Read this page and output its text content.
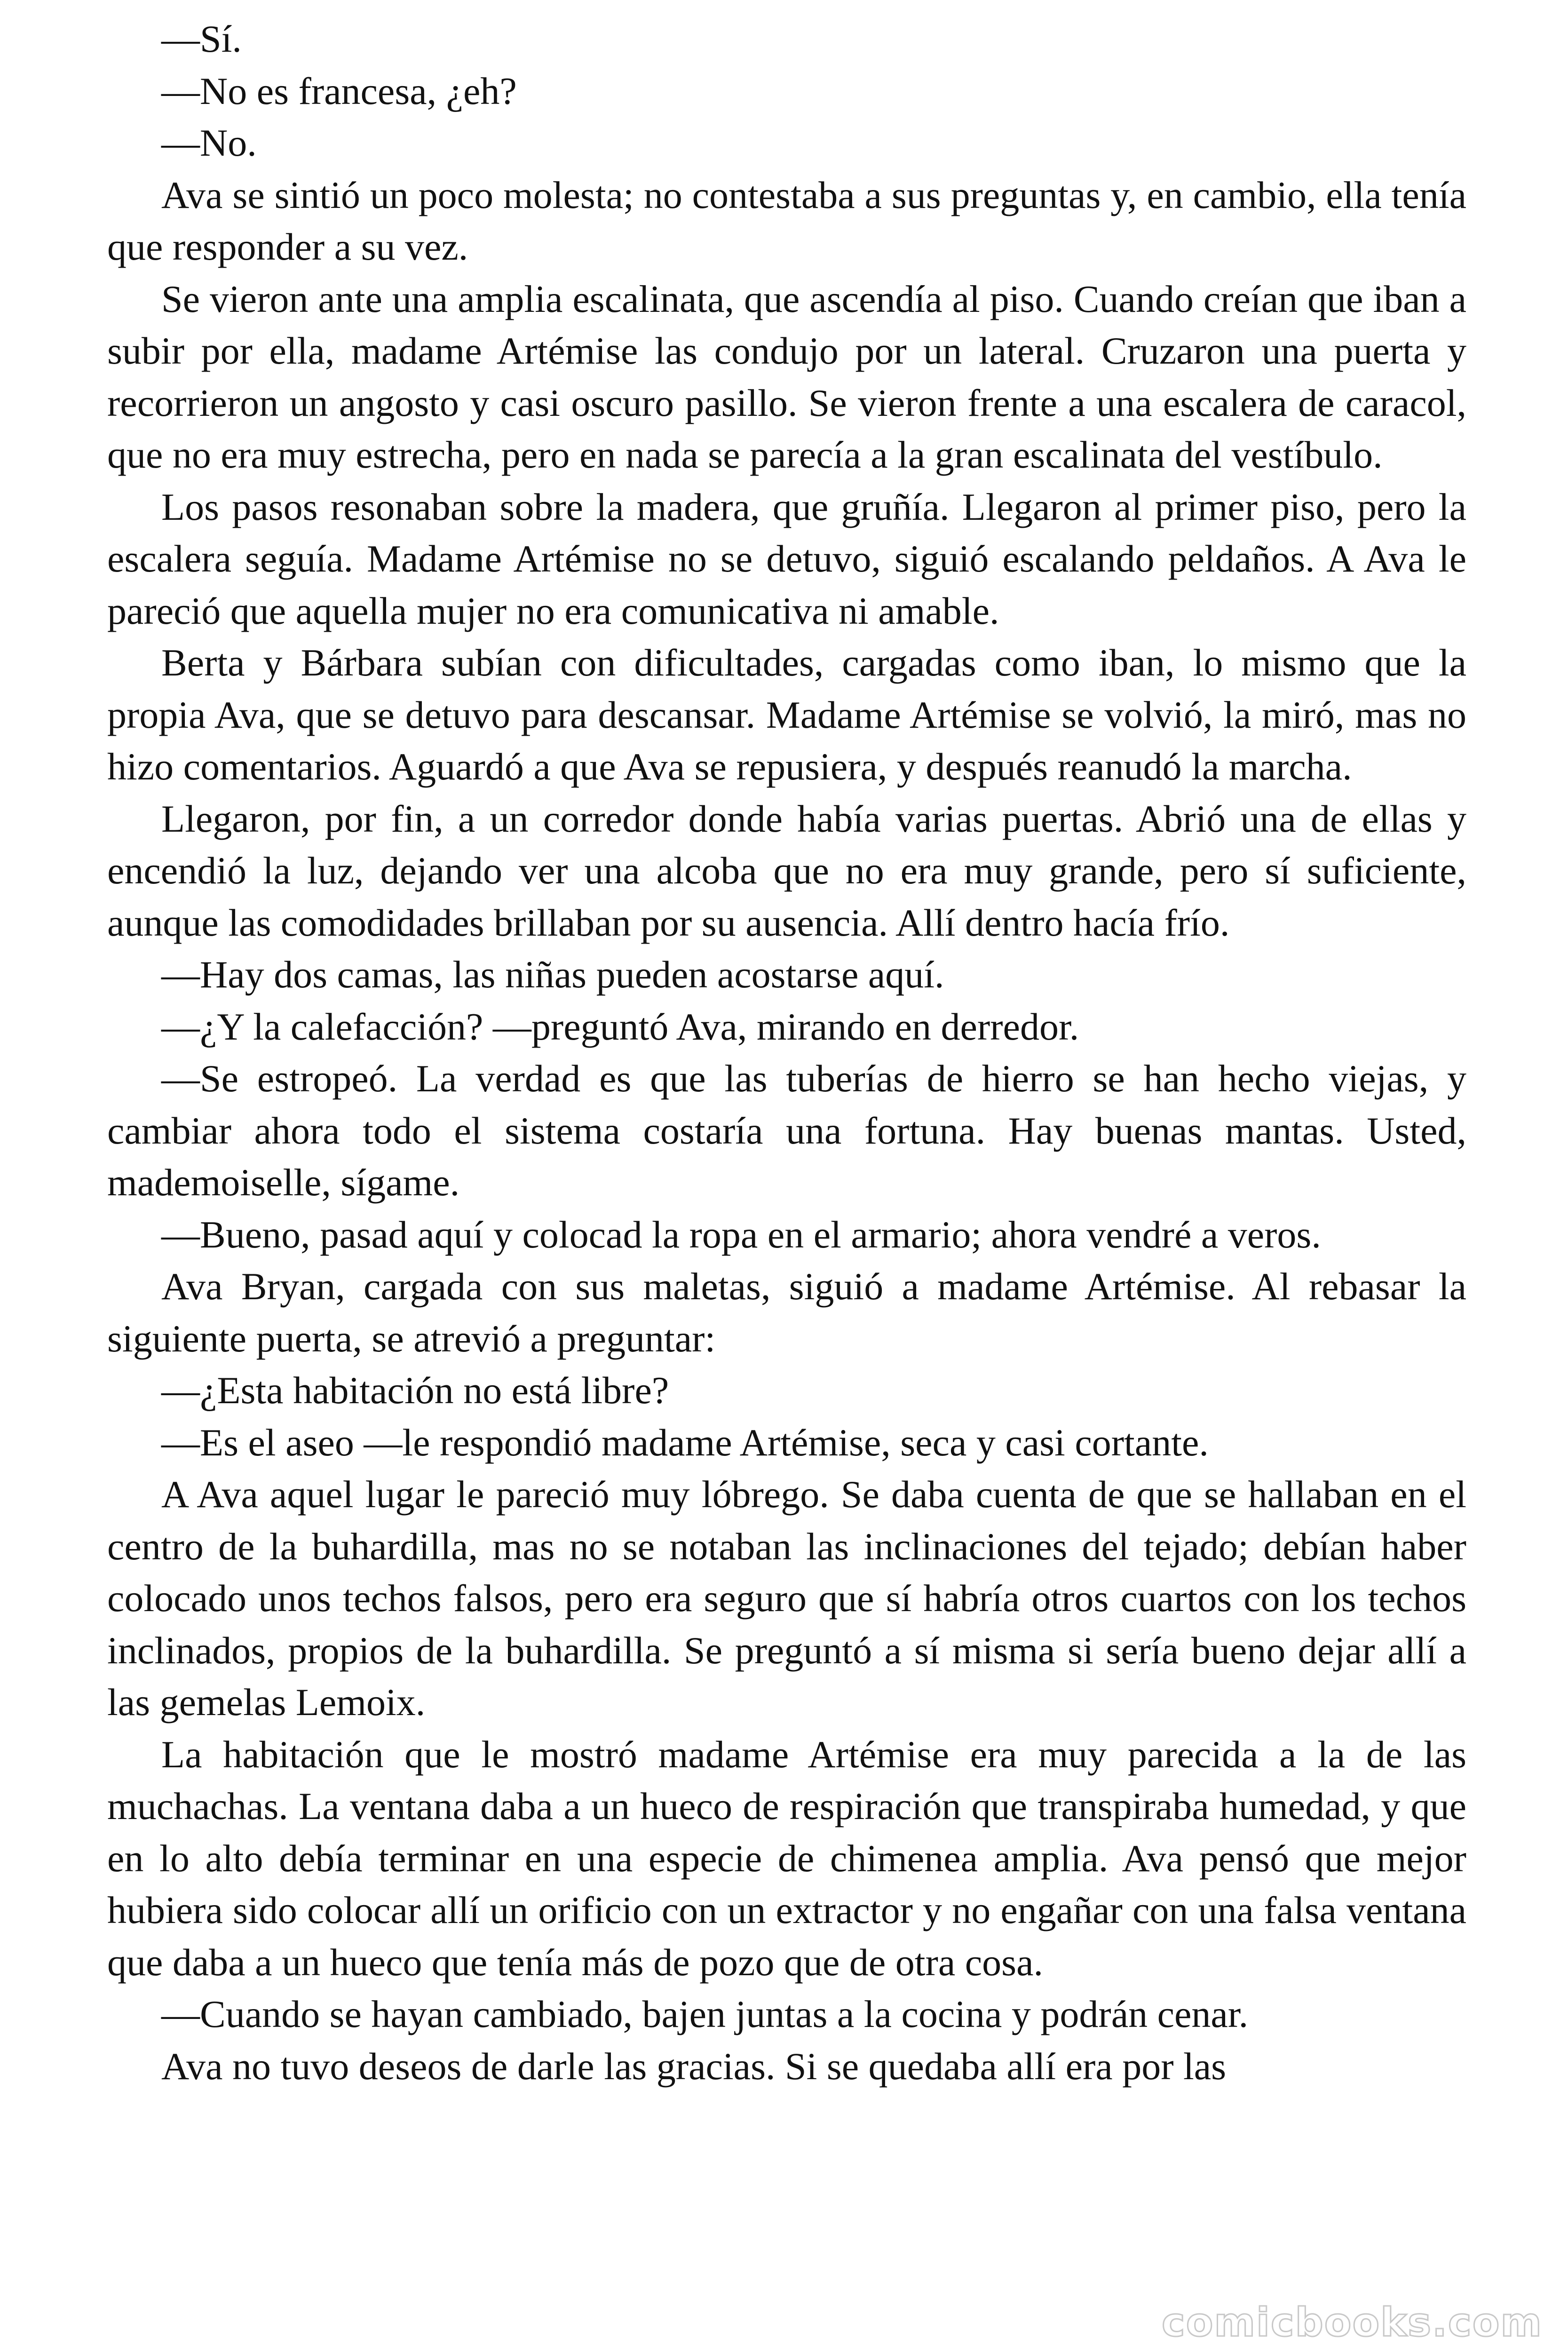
—Sí.

—No es francesa, ¿eh?

—No.

Ava se sintió un poco molesta; no contestaba a sus preguntas y, en cambio, ella tenía que responder a su vez.

Se vieron ante una amplia escalinata, que ascendía al piso. Cuando creían que iban a subir por ella, madame Artémise las condujo por un lateral. Cruzaron una puerta y recorrieron un angosto y casi oscuro pasillo. Se vieron frente a una escalera de caracol, que no era muy estrecha, pero en nada se parecía a la gran escalinata del vestíbulo.

Los pasos resonaban sobre la madera, que gruñía. Llegaron al primer piso, pero la escalera seguía. Madame Artémise no se detuvo, siguió escalando peldaños. A Ava le pareció que aquella mujer no era comunicativa ni amable.

Berta y Bárbara subían con dificultades, cargadas como iban, lo mismo que la propia Ava, que se detuvo para descansar. Madame Artémise se volvió, la miró, mas no hizo comentarios. Aguardó a que Ava se repusiera, y después reanudó la marcha.

Llegaron, por fin, a un corredor donde había varias puertas. Abrió una de ellas y encendió la luz, dejando ver una alcoba que no era muy grande, pero sí suficiente, aunque las comodidades brillaban por su ausencia. Allí dentro hacía frío.

—Hay dos camas, las niñas pueden acostarse aquí.

—¿Y la calefacción? —preguntó Ava, mirando en derredor.

—Se estropeó. La verdad es que las tuberías de hierro se han hecho viejas, y cambiar ahora todo el sistema costaría una fortuna. Hay buenas mantas. Usted, mademoiselle, sígame.

—Bueno, pasad aquí y colocad la ropa en el armario; ahora vendré a veros.

Ava Bryan, cargada con sus maletas, siguió a madame Artémise. Al rebasar la siguiente puerta, se atrevió a preguntar:

—¿Esta habitación no está libre?

—Es el aseo —le respondió madame Artémise, seca y casi cortante.

A Ava aquel lugar le pareció muy lóbrego. Se daba cuenta de que se hallaban en el centro de la buhardilla, mas no se notaban las inclinaciones del tejado; debían haber colocado unos techos falsos, pero era seguro que sí habría otros cuartos con los techos inclinados, propios de la buhardilla. Se preguntó a sí misma si sería bueno dejar allí a las gemelas Lemoix.

La habitación que le mostró madame Artémise era muy parecida a la de las muchachas. La ventana daba a un hueco de respiración que transpiraba humedad, y que en lo alto debía terminar en una especie de chimenea amplia. Ava pensó que mejor hubiera sido colocar allí un orificio con un extractor y no engañar con una falsa ventana que daba a un hueco que tenía más de pozo que de otra cosa.

—Cuando se hayan cambiado, bajen juntas a la cocina y podrán cenar.

Ava no tuvo deseos de darle las gracias. Si se quedaba allí era por las

comicbooks.com
